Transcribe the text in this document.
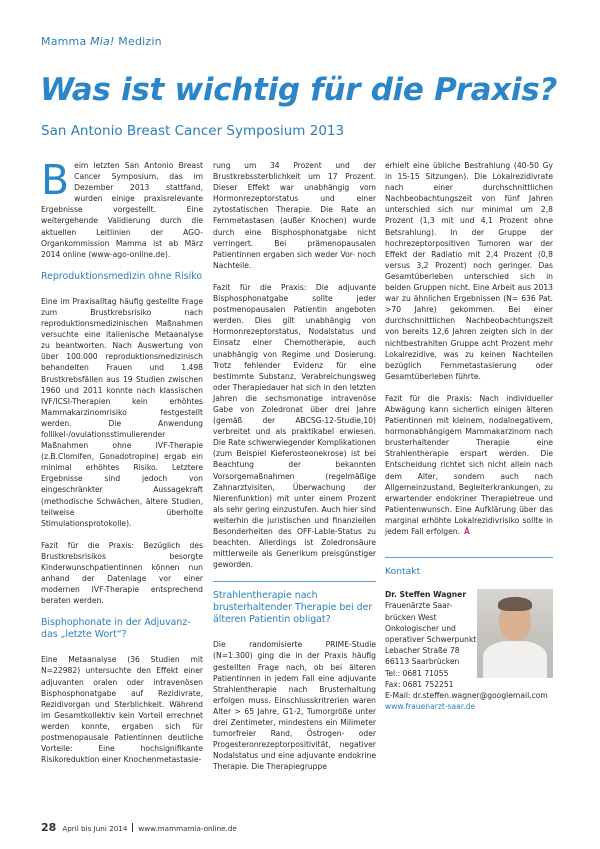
Mamma Mia! Medizin
Was ist wichtig für die Praxis?
San Antonio Breast Cancer Symposium 2013

Beim letzten San Antonio Breast Cancer Symposium, das im Dezember 2013 stattfand, wurden einige praxisrelevante Ergebnisse vorgestellt. Eine weitergehende Validierung durch die aktuellen Leitlinien der AGO-Organkommission Mamma ist ab März 2014 online (www-ago-online.de).

Reproduktionsmedizin ohne Risiko

Eine im Praxisalltag häufig gestellte Frage zum Brustkrebsrisiko nach reproduktionsmedizinischen Maßnahmen versuchte eine italienische Metaanalyse zu beantworten. Nach Auswertung von über 100.000 reproduktionsmedizinisch behandelten Frauen und 1.498 Brustkrebsfällen aus 19 Studien zwischen 1960 und 2011 konnte nach klassischen IVF/ICSI-Therapien kein erhöhtes Mammakarzinomrisiko festgestellt werden. Die Anwendung follikel-/ovulationsstimulierender Maßnahmen ohne IVF-Therapie (z.B.Clomifen, Gonadotropine) ergab ein minimal erhöhtes Risiko. Letztere Ergebnisse sind jedoch von eingeschränkter Aussagekraft (methodische Schwächen, ältere Studien, teilweise überholte Stimulationsprotokolle).

Fazit für die Praxis: Bezüglich des Brustkrebsrisikos besorgte Kinderwunschpatientinnen können nun anhand der Datenlage vor einer modernen IVF-Therapie entsprechend beraten werden.

Bisphophonate in der Adjuvanz- das „letzte Wort“?

Eine Metaanalyse (36 Studien mit N=22982) untersuchte den Effekt einer adjuvanten oralen oder intravenösen Bisphosphonatgabe auf Rezidivrate, Rezidivorgan und Sterblichkeit. Während im Gesamtkollektiv kein Vorteil errechnet werden konnte, ergaben sich für postmenopausale Patientinnen deutliche Vorteile: Eine hochsignifikante Risikoreduktion einer Knochenmetastasie-

rung um 34 Prozent und der Brustkrebssterblichkeit um 17 Prozent. Dieser Effekt war unabhängig vom Hormonrezeptorstatus und einer zytostatischen Therapie. Die Rate an Fernmetastasen (außer Knochen) wurde durch eine Bisphosphonatgabe nicht verringert. Bei prämenopausalen Patientinnen ergaben sich weder Vor- noch Nachteile.

Fazit für die Praxis: Die adjuvante Bisphosphonatgabe sollte jeder postmenopausalen Patientin angeboten werden. Dies gilt unabhängig von Hormonrezeptorstatus, Nodalstatus und Einsatz einer Chemotherapie, auch unabhängig von Regime und Dosierung. Trotz fehlender Evidenz für eine bestimmte Substanz, Verabreichungsweg oder Therapiedauer hat sich in den letzten Jahren die sechsmonatige intravenöse Gabe von Zoledronat über drei Jahre (gemäß der ABCSG-12-Studie,10) verbreitet und als praktikabel erwiesen. Die Rate schwerwiegender Komplikationen (zum Beispiel Kieferosteonekrose) ist bei Beachtung der bekannten Vorsorgemaßnahmen (regelmäßige Zahnarztvisiten, Überwachung der Nierenfunktion) mit unter einem Prozent als sehr gering einzustufen. Auch hier sind weiterhin die juristischen und finanziellen Besonderheiten des OFF-Lable-Status zu beachten. Allerdings ist Zoledronsäure mittlerweile als Generikum preisgünstiger geworden.

Strahlentherapie nach brusterhaltender Therapie bei der älteren Patientin obligat?

Die randomisierte PRIME-Studie (N=1.300) ging die in der Praxis häufig gestellten Frage nach, ob bei älteren Patientinnen in jedem Fall eine adjuvante Strahlentherapie nach Brusterhaltung erfolgen muss. Einschlusskritrerien waren Alter > 65 Jahre, G1-2, Tumorgröße unter drei Zentimeter, mindestens ein Milimeter tumorfreier Rand, Östrogen- oder Progesteronrezeptorpositivität, negativer Nodalstatus und eine adjuvante endokrine Therapie. Die Therapiegruppe

erhielt eine übliche Bestrahlung (40-50 Gy in 15-15 Sitzungen). Die Lokalrezidivrate nach einer durchschnittlichen Nachbeobachtungszeit von fünf Jahren unterschied sich nur minimal um 2,8 Prozent (1,3 mit und 4,1 Prozent ohne Betsrahlung). In der Gruppe der hochrezeptorpositiven Tumoren war der Effekt der Radiatio mit 2,4 Prozent (0,8 versus 3,2 Prozent) noch geringer. Das Gesamtüberleben unterschied sich in beiden Gruppen nicht. Eine Arbeit aus 2013 war zu ähnlichen Ergebnissen (N= 636 Pat. >70 Jahre) gekommen. Bei einer durchschnittlichen Nachbeobachtungszeit von bereits 12,6 Jahren zeigten sich in der nichtbestrahlten Gruppe acht Prozent mehr Lokalrezidive, was zu keinen Nachteilen bezüglich Fernmetastasierung oder Gesamtüberleben führte.

Fazit für die Praxis: Nach individueller Abwägung kann sicherlich einigen älteren Patientinnen mit kleinem, nodalnegativem, hormonabhängigem Mammakarzinom nach brusterhaltender Therapie eine Strahlentherapie erspart werden. Die Entscheidung richtet sich nicht allein nach dem Alter, sondern auch nach Allgemeinzustand, Begleiterkrankungen, zu erwartender endokriner Therapietreue und Patientenwunsch. Eine Aufklärung über das marginal erhöhte Lokalrezidivrisiko sollte in jedem Fall erfolgen. Å

Kontakt
Dr. Steffen Wagner
Frauenärzte Saar-
brücken West
Onkologischer und
operativer Schwerpunkt
Lebacher Straße 78
66113 Saarbrücken
Tel.: 0681 71055
Fax: 0681 752251
E-Mail: dr.steffen.wagner@googlemail.com
www.frauenarzt-saar.de
28 April bis Juni 2014 www.mammamia-online.de
